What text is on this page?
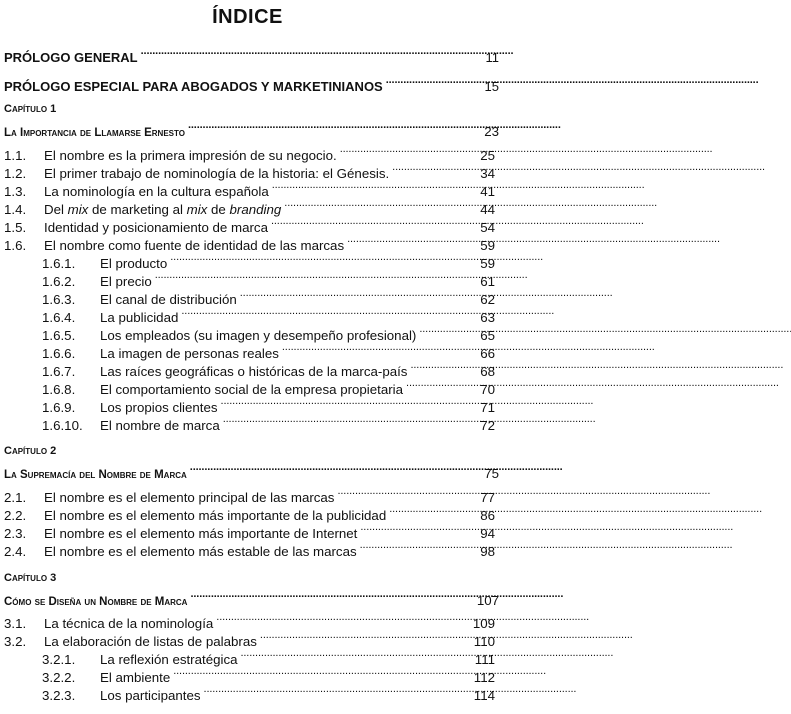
ÍNDICE
PRÓLOGO GENERAL . . .	11
PRÓLOGO ESPECIAL PARA ABOGADOS Y MARKETINIANOS . . .	15
Capítulo 1
La Importancia de Llamarse Ernesto . . .	23
1.1.	El nombre es la primera impresión de su negocio. . . .	25
1.2.	El primer trabajo de nominología de la historia: el Génesis. . . .	34
1.3.	La nominología en la cultura española . . .	41
1.4.	Del mix de marketing al mix de branding . . .	44
1.5.	Identidad y posicionamiento de marca . . .	54
1.6.	El nombre como fuente de identidad de las marcas . . .	59
1.6.1.	El producto . . .	59
1.6.2.	El precio . . .	61
1.6.3.	El canal de distribución . . .	62
1.6.4.	La publicidad . . .	63
1.6.5.	Los empleados (su imagen y desempeño profesional) . . .	65
1.6.6.	La imagen de personas reales . . .	66
1.6.7.	Las raíces geográficas o históricas de la marca-país . . .	68
1.6.8.	El comportamiento social de la empresa propietaria . . .	70
1.6.9.	Los propios clientes . . .	71
1.6.10.	El nombre de marca . . .	72
Capítulo 2
La Supremacía del Nombre de Marca . . .	75
2.1.	El nombre es el elemento principal de las marcas . . .	77
2.2.	El nombre es el elemento más importante de la publicidad . . .	86
2.3.	El nombre es el elemento más importante de Internet . . .	94
2.4.	El nombre es el elemento más estable de las marcas . . .	98
Capítulo 3
Cómo se Diseña un Nombre de Marca . . .	107
3.1.	La técnica de la nominología . . .	109
3.2.	La elaboración de listas de palabras . . .	110
3.2.1.	La reflexión estratégica . . .	111
3.2.2.	El ambiente . . .	112
3.2.3.	Los participantes . . .	114
